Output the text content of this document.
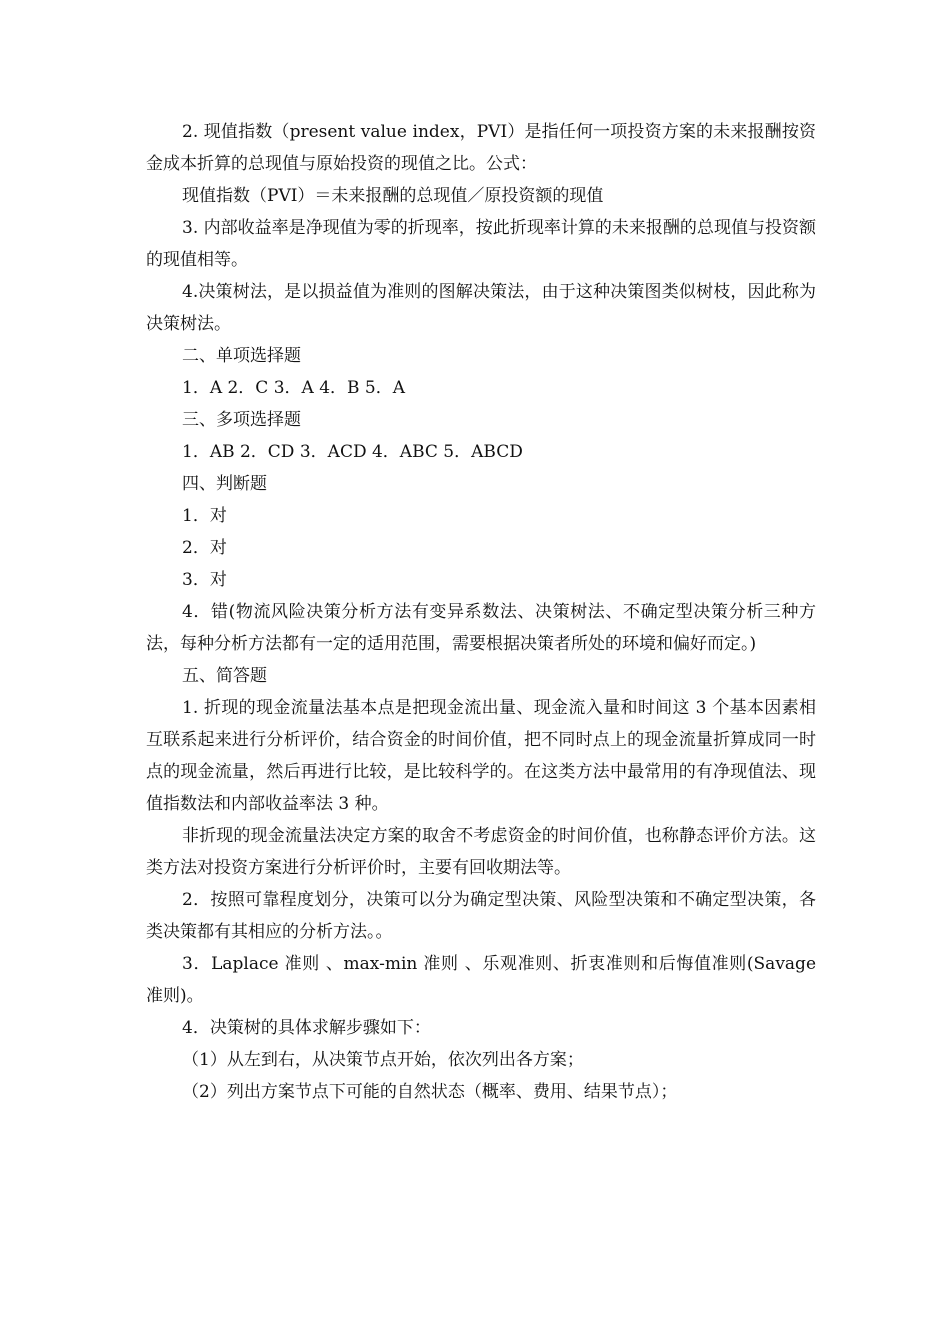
2. 现值指数（present value index，PVI）是指任何一项投资方案的未来报酬按资金成本折算的总现值与原始投资的现值之比。公式：

现值指数（PVI）＝未来报酬的总现值／原投资额的现值

3. 内部收益率是净现值为零的折现率，按此折现率计算的未来报酬的总现值与投资额的现值相等。

4.决策树法，是以损益值为准则的图解决策法，由于这种决策图类似树枝，因此称为决策树法。

二、单项选择题

1．A 2．C 3．A 4．B 5．A

三、多项选择题

1．AB 2．CD 3．ACD 4．ABC 5．ABCD

四、判断题

1．对

2．对

3．对

4．错(物流风险决策分析方法有变异系数法、决策树法、不确定型决策分析三种方法，每种分析方法都有一定的适用范围，需要根据决策者所处的环境和偏好而定。)

五、简答题

1. 折现的现金流量法基本点是把现金流出量、现金流入量和时间这 3 个基本因素相互联系起来进行分析评价，结合资金的时间价值，把不同时点上的现金流量折算成同一时点的现金流量，然后再进行比较，是比较科学的。在这类方法中最常用的有净现值法、现值指数法和内部收益率法 3 种。

非折现的现金流量法决定方案的取舍不考虑资金的时间价值，也称静态评价方法。这类方法对投资方案进行分析评价时，主要有回收期法等。

2．按照可靠程度划分，决策可以分为确定型决策、风险型决策和不确定型决策，各类决策都有其相应的分析方法。。

3．Laplace 准则 、max-min 准则 、乐观准则、折衷准则和后悔值准则(Savage 准则)。

4．决策树的具体求解步骤如下：

（1）从左到右，从决策节点开始，依次列出各方案；

（2）列出方案节点下可能的自然状态（概率、费用、结果节点）；
